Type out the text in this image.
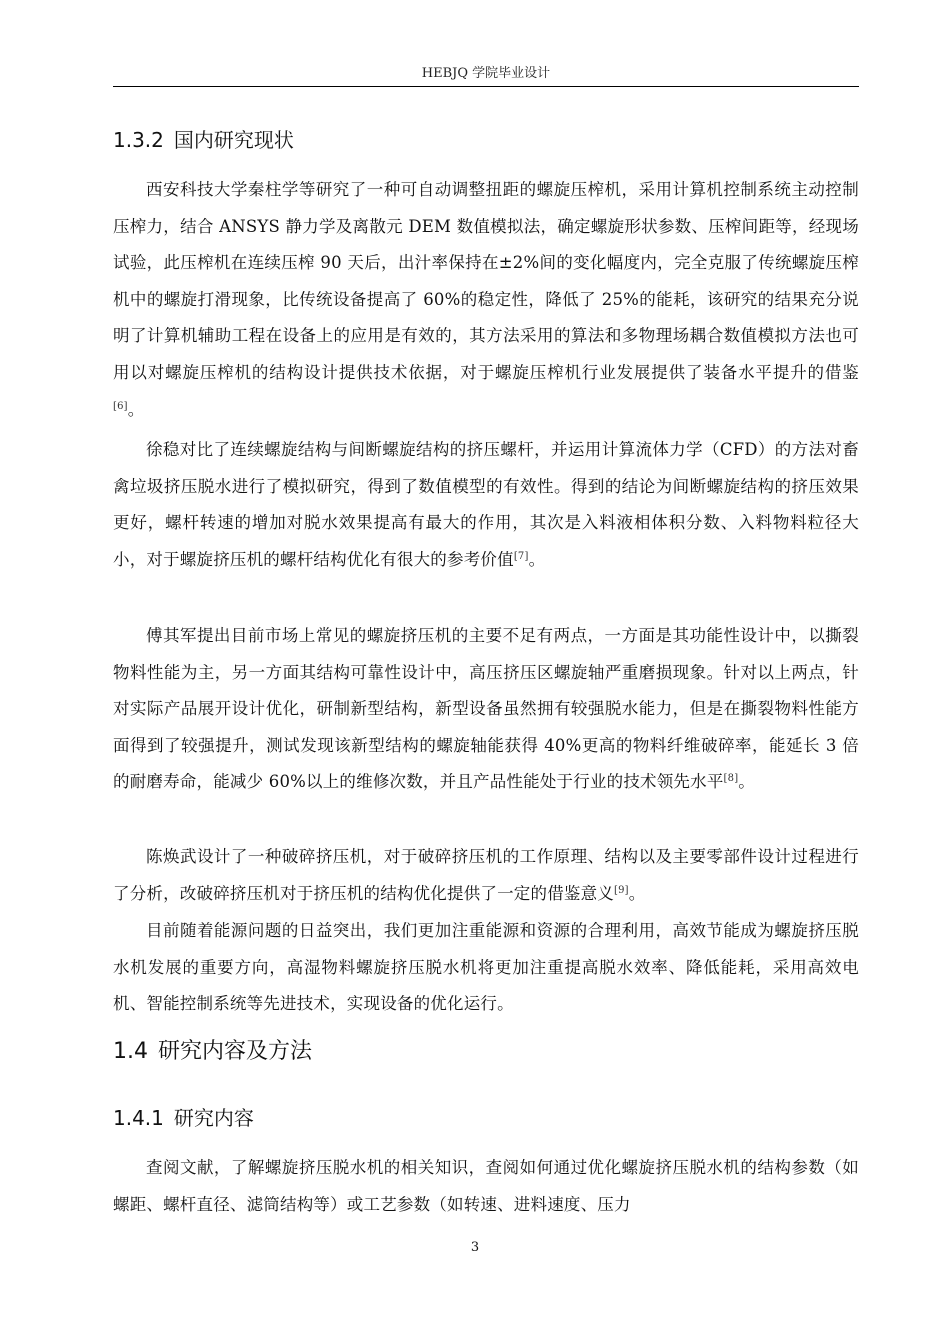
HEBJQ 学院毕业设计
1.3.2 国内研究现状

西安科技大学秦柱学等研究了一种可自动调整扭距的螺旋压榨机，采用计算机控制系统主动控制压榨力，结合 ANSYS 静力学及离散元 DEM 数值模拟法，确定螺旋形状参数、压榨间距等，经现场试验，此压榨机在连续压榨 90 天后，出汁率保持在±2%间的变化幅度内，完全克服了传统螺旋压榨机中的螺旋打滑现象，比传统设备提高了 60%的稳定性，降低了 25%的能耗，该研究的结果充分说明了计算机辅助工程在设备上的应用是有效的，其方法采用的算法和多物理场耦合数值模拟方法也可用以对螺旋压榨机的结构设计提供技术依据，对于螺旋压榨机行业发展提供了装备水平提升的借鉴[6]。

徐稳对比了连续螺旋结构与间断螺旋结构的挤压螺杆，并运用计算流体力学（CFD）的方法对畜禽垃圾挤压脱水进行了模拟研究，得到了数值模型的有效性。得到的结论为间断螺旋结构的挤压效果更好，螺杆转速的增加对脱水效果提高有最大的作用，其次是入料液相体积分数、入料物料粒径大小，对于螺旋挤压机的螺杆结构优化有很大的参考价值[7]。

傅其军提出目前市场上常见的螺旋挤压机的主要不足有两点，一方面是其功能性设计中，以撕裂物料性能为主，另一方面其结构可靠性设计中，高压挤压区螺旋轴严重磨损现象。针对以上两点，针对实际产品展开设计优化，研制新型结构，新型设备虽然拥有较强脱水能力，但是在撕裂物料性能方面得到了较强提升，测试发现该新型结构的螺旋轴能获得 40%更高的物料纤维破碎率，能延长 3 倍的耐磨寿命，能减少 60%以上的维修次数，并且产品性能处于行业的技术领先水平[8]。

陈焕武设计了一种破碎挤压机，对于破碎挤压机的工作原理、结构以及主要零部件设计过程进行了分析，改破碎挤压机对于挤压机的结构优化提供了一定的借鉴意义[9]。

目前随着能源问题的日益突出，我们更加注重能源和资源的合理利用，高效节能成为螺旋挤压脱水机发展的重要方向，高湿物料螺旋挤压脱水机将更加注重提高脱水效率、降低能耗，采用高效电机、智能控制系统等先进技术，实现设备的优化运行。

1.4 研究内容及方法
1.4.1 研究内容

查阅文献，了解螺旋挤压脱水机的相关知识，查阅如何通过优化螺旋挤压脱水机的结构参数（如螺距、螺杆直径、滤筒结构等）或工艺参数（如转速、进料速度、压力

3
